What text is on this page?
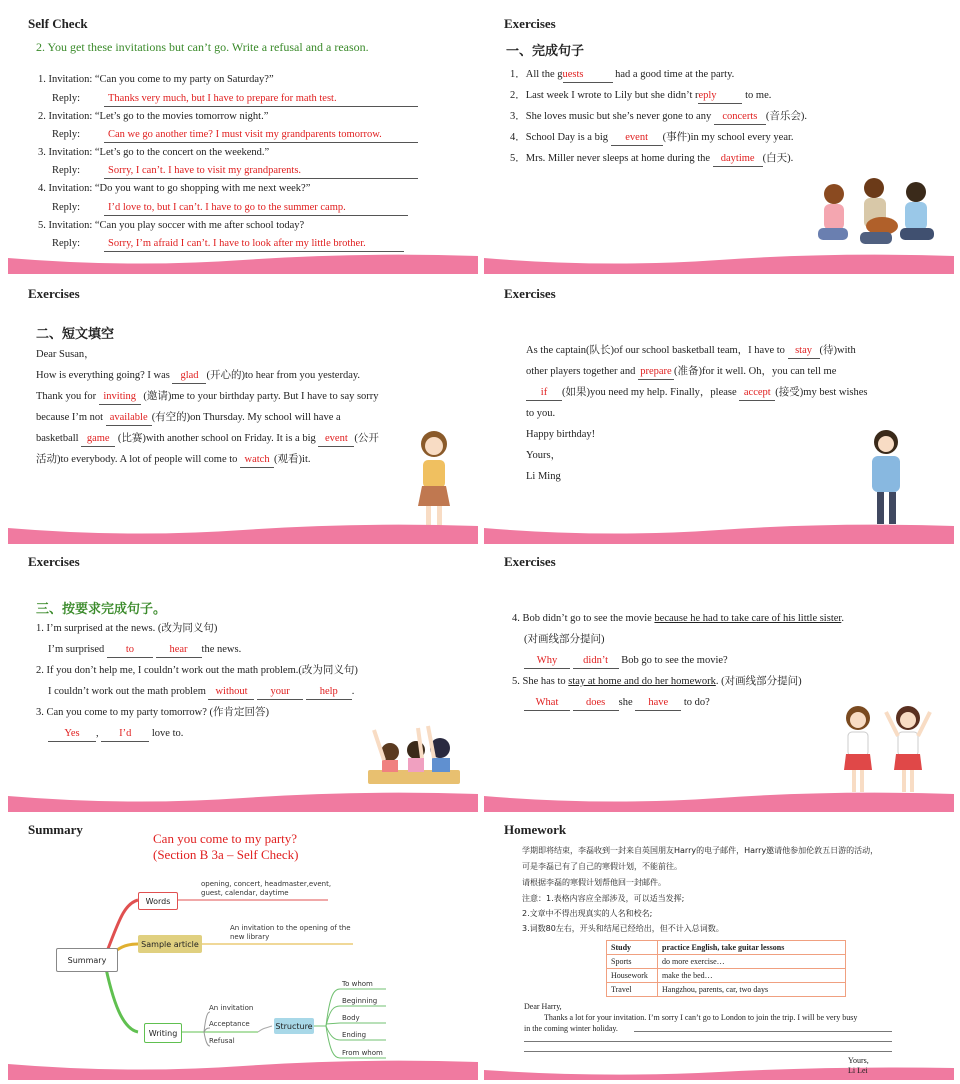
Self Check
2. You get these invitations but can’t go. Write a refusal and a reason.
1. Invitation: “Can you come to my party on Saturday?”
Reply:	Thanks very much, but I have to prepare for math test.
2. Invitation: “Let’s go to the movies tomorrow night.”
Reply:	Can we go another time? I must visit my grandparents tomorrow.
3. Invitation: “Let’s go to the concert on the weekend.”
Reply:	Sorry, I can’t. I have to visit my grandparents.
4. Invitation: “Do you want to go shopping with me next week?”
Reply:	I’d love to, but I can’t. I have to go to the summer camp.
5. Invitation: “Can you play soccer with me after school today?
Reply:	Sorry, I’m afraid I can’t. I have to look after my little brother.
Exercises
一、完成句子
1．All the guests	had a good time at the party.
2．Last week I wrote to Lily but she didn’t reply to me.
3．She loves music but she’s never gone to any concerts (音乐会).
4．School Day is a big event (事件)in my school every year.
5．Mrs. Miller never sleeps at home during the daytime (白天).
Exercises
二、短文填空
Dear Susan，
How is everything going? I was glad (开心的)to hear from you yesterday.
Thank you for inviting (邀请)me to your birthday party. But I have to say sorry
because I’m not available (有空的)on Thursday. My school will have a
basketball game (比赛)with another school on Friday. It is a big event (公开
活动)to everybody. A lot of people will come to watch (观看)it.
Exercises
As the captain(队长)of our school basketball team，I have to stay (待)with
other players together and prepare (准备)for it well. Oh，you can tell me
if (如果)you need my help. Finally，please accept (接受)my best wishes
to you.
Happy birthday!
Yours，
Li Ming
Exercises
三、按要求完成句子。
1. I’m surprised at the news. (改为同义句)
I’m surprised to	hear the news.
2. If you don’t help me, I couldn’t work out the math problem.(改为同义句)
I couldn’t work out the math problem without your	help .
3. Can you come to my party tomorrow? (作肯定回答)
Yes , I’d love to.
Exercises
4. Bob didn’t go to see the movie because he had to take care of his little sister.
(对画线部分提问)
Why didn’t Bob go to see the movie?
5. She has to stay at home and do her homework. (对画线部分提问)
What	does she have to do?
Summary
Can you come to my party?
(Section B 3a – Self Check)
Summary
Words
opening, concert, headmaster,event,
guest, calendar, daytime
Sample article
An invitation to the opening of the
new library
Writing
An invitation
Acceptance
Refusal
Structure
To whom
Beginning
Body
Ending
From whom
Homework
学期即将结束，李磊收到一封来自英国朋友Harry的电子邮件，Harry邀请他参加伦敦五日游的活动，
可是李磊已有了自己的寒假计划，不能前往。
请根据李磊的寒假计划帮他回一封邮件。
注意：1.表格内容应全部涉及，可以适当发挥;
2.文章中不得出现真实的人名和校名;
3.词数80左右，开头和结尾已经给出，但不计入总词数。
Study	practice English, take guitar lessons
Sports	do more exercise…
Housework	make the bed…
Travel	Hangzhou, parents, car, two days
Dear Harry,
Thanks a lot for your invitation. I’m sorry I can’t go to London to join the trip. I will be very busy
in the coming winter holiday.
Yours,
Li Lei
